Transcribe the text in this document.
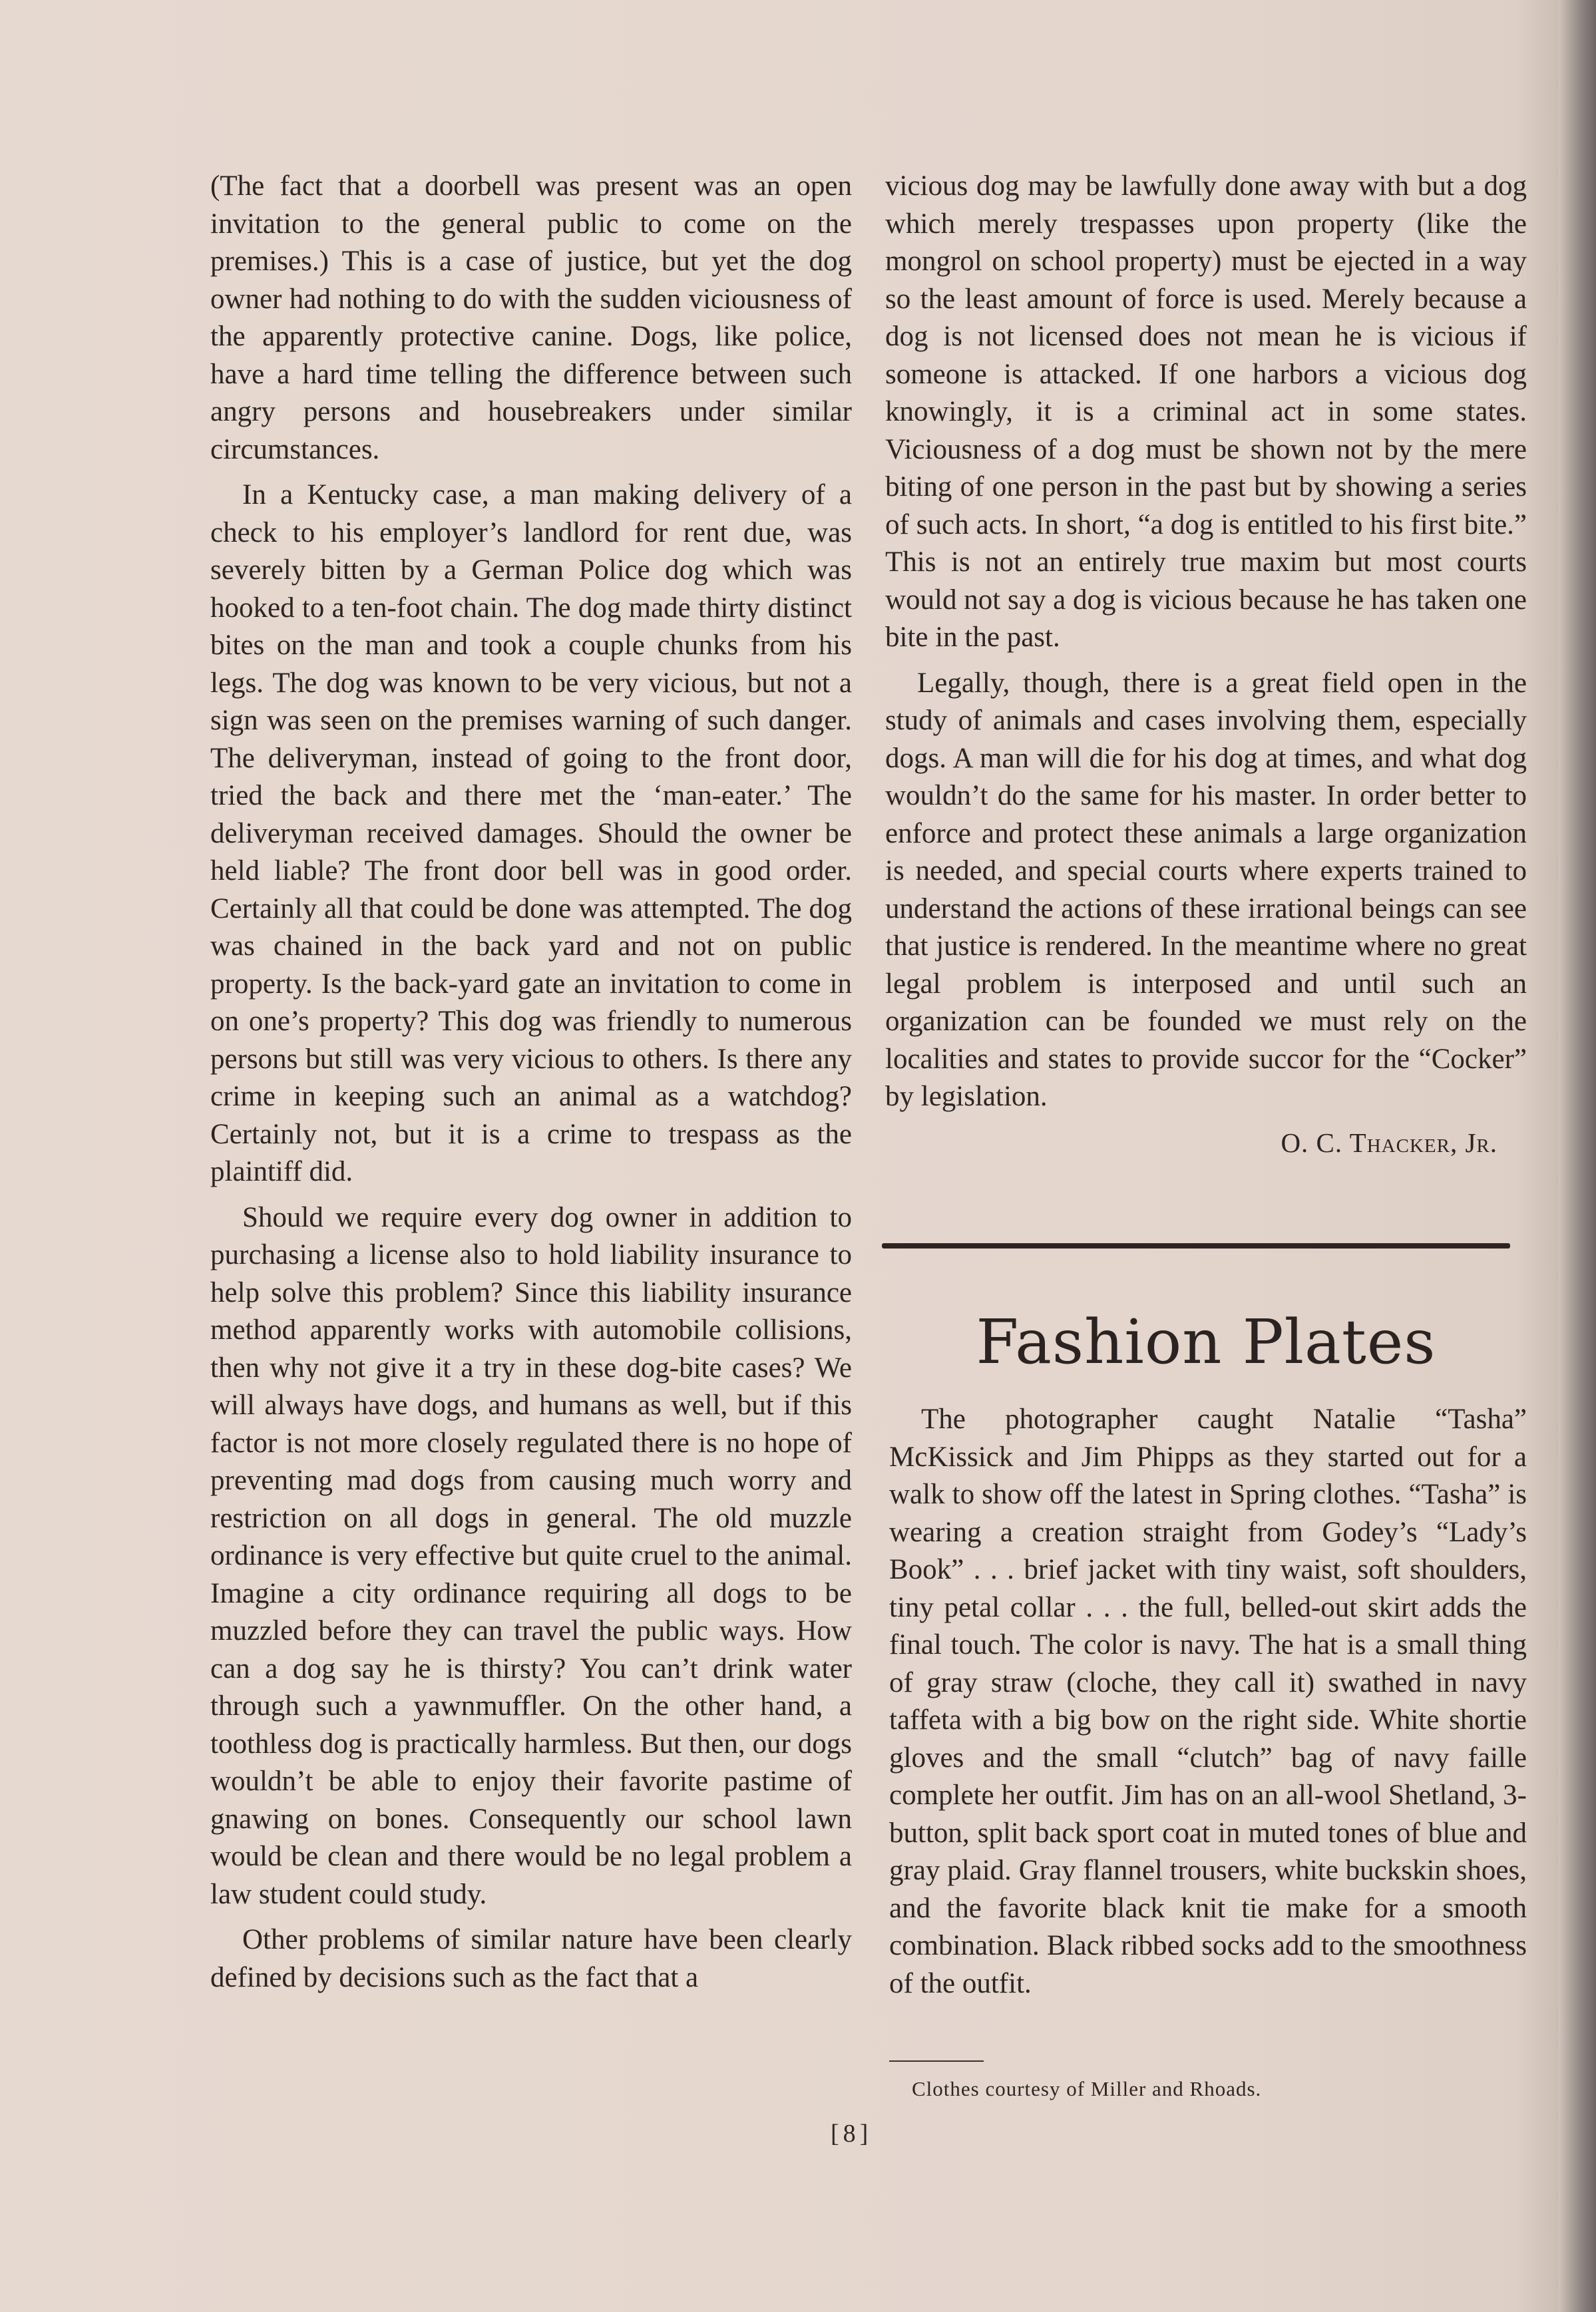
(The fact that a doorbell was present was an open invitation to the general public to come on the premises.) This is a case of justice, but yet the dog owner had nothing to do with the sudden viciousness of the apparently protective canine. Dogs, like police, have a hard time telling the difference between such angry persons and housebreakers under similar circumstances.

In a Kentucky case, a man making delivery of a check to his employer’s landlord for rent due, was severely bitten by a German Police dog which was hooked to a ten-foot chain. The dog made thirty distinct bites on the man and took a couple chunks from his legs. The dog was known to be very vicious, but not a sign was seen on the premises warning of such danger. The deliveryman, instead of going to the front door, tried the back and there met the ‘man-eater.’ The deliveryman received damages. Should the owner be held liable? The front door bell was in good order. Certainly all that could be done was attempted. The dog was chained in the back yard and not on public property. Is the back-yard gate an invitation to come in on one’s property? This dog was friendly to numerous persons but still was very vicious to others. Is there any crime in keeping such an animal as a watchdog? Certainly not, but it is a crime to trespass as the plaintiff did.

Should we require every dog owner in addition to purchasing a license also to hold liability insurance to help solve this problem? Since this liability insurance method apparently works with automobile collisions, then why not give it a try in these dog-bite cases? We will always have dogs, and humans as well, but if this factor is not more closely regulated there is no hope of preventing mad dogs from causing much worry and restriction on all dogs in general. The old muzzle ordinance is very effective but quite cruel to the animal. Imagine a city ordinance requiring all dogs to be muzzled before they can travel the public ways. How can a dog say he is thirsty? You can’t drink water through such a yawnmuffler. On the other hand, a toothless dog is practically harmless. But then, our dogs wouldn’t be able to enjoy their favorite pastime of gnawing on bones. Consequently our school lawn would be clean and there would be no legal problem a law student could study.

Other problems of similar nature have been clearly defined by decisions such as the fact that a

vicious dog may be lawfully done away with but a dog which merely trespasses upon property (like the mongrol on school property) must be ejected in a way so the least amount of force is used. Merely because a dog is not licensed does not mean he is vicious if someone is attacked. If one harbors a vicious dog knowingly, it is a criminal act in some states. Viciousness of a dog must be shown not by the mere biting of one person in the past but by showing a series of such acts. In short, “a dog is entitled to his first bite.” This is not an entirely true maxim but most courts would not say a dog is vicious because he has taken one bite in the past.

Legally, though, there is a great field open in the study of animals and cases involving them, especially dogs. A man will die for his dog at times, and what dog wouldn’t do the same for his master. In order better to enforce and protect these animals a large organization is needed, and special courts where experts trained to understand the actions of these irrational beings can see that justice is rendered. In the meantime where no great legal problem is interposed and until such an organization can be founded we must rely on the localities and states to provide succor for the “Cocker” by legislation.

O. C. Thacker, Jr.
Fashion Plates

The photographer caught Natalie “Tasha” McKissick and Jim Phipps as they started out for a walk to show off the latest in Spring clothes. “Tasha” is wearing a creation straight from Godey’s “Lady’s Book” . . . brief jacket with tiny waist, soft shoulders, tiny petal collar . . . the full, belled-out skirt adds the final touch. The color is navy. The hat is a small thing of gray straw (cloche, they call it) swathed in navy taffeta with a big bow on the right side. White shortie gloves and the small “clutch” bag of navy faille complete her outfit. Jim has on an all-wool Shetland, 3-button, split back sport coat in muted tones of blue and gray plaid. Gray flannel trousers, white buckskin shoes, and the favorite black knit tie make for a smooth combination. Black ribbed socks add to the smoothness of the outfit.

Clothes courtesy of Miller and Rhoads.
[8]
